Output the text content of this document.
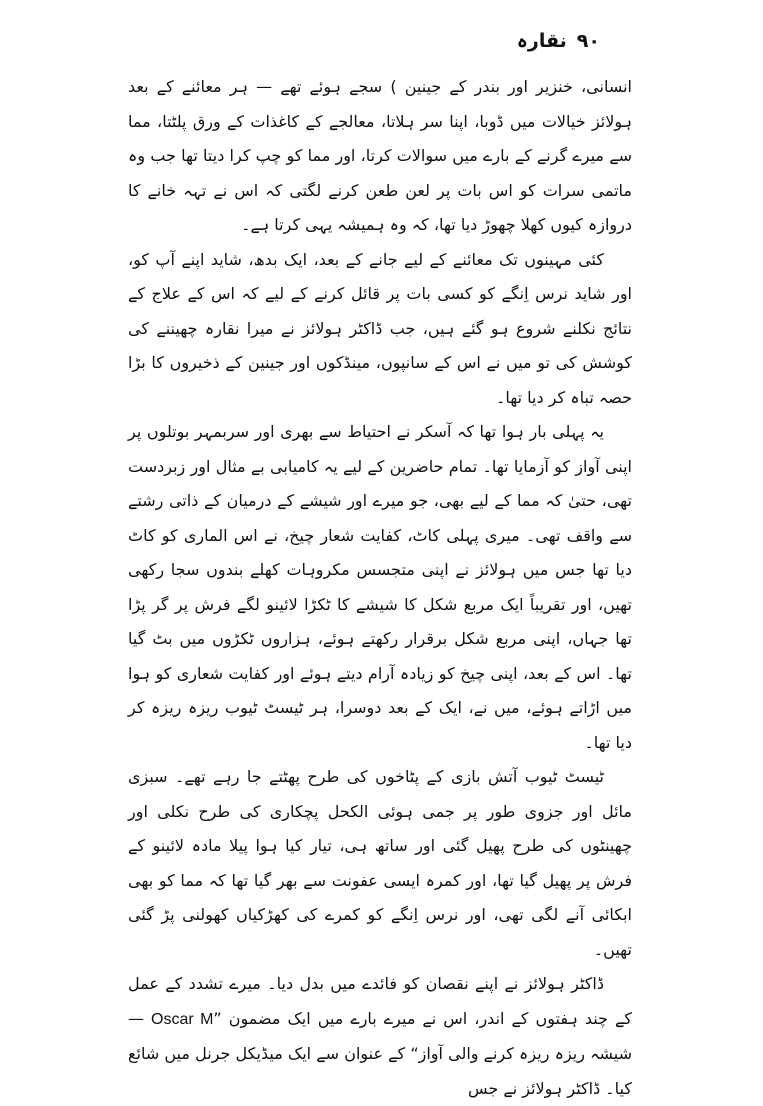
۹۰
نقارہ

انسانی، خنزیر اور بندر کے جینین ) سجے ہوئے تھے — ہر معائنے کے بعد ہولائز خیالات میں ڈوبا، اپنا سر ہلاتا، معالجے کے کاغذات کے ورق پلٹتا، مما سے میرے گرنے کے بارے میں سوالات کرتا، اور مما کو چپ کرا دیتا تھا جب وہ ماتمی سرات کو اس بات پر لعن طعن کرنے لگتی کہ اس نے تہہ خانے کا دروازہ کیوں کھلا چھوڑ دیا تھا، کہ وہ ہمیشہ یہی کرتا ہے۔

کئی مہینوں تک معائنے کے لیے جانے کے بعد، ایک بدھ، شاید اپنے آپ کو، اور شاید نرس اِنگے کو کسی بات پر قائل کرنے کے لیے کہ اس کے علاج کے نتائج نکلنے شروع ہو گئے ہیں، جب ڈاکٹر ہولائز نے میرا نقارہ چھیننے کی کوشش کی تو میں نے اس کے سانپوں، مینڈکوں اور جینین کے ذخیروں کا بڑا حصہ تباہ کر دیا تھا۔

یہ پہلی بار ہوا تھا کہ آسکر نے احتیاط سے بھری اور سربمہر بوتلوں پر اپنی آواز کو آزمایا تھا۔ تمام حاضرین کے لیے یہ کامیابی بے مثال اور زبردست تھی، حتیٰ کہ مما کے لیے بھی، جو میرے اور شیشے کے درمیان کے ذاتی رشتے سے واقف تھی۔ میری پہلی کاٹ، کفایت شعار چیخ، نے اس الماری کو کاٹ دیا تھا جس میں ہولائز نے اپنی متجسس مکروہات کھلے بندوں سجا رکھی تھیں، اور تقریباً ایک مربع شکل کا شیشے کا ٹکڑا لائینو لگے فرش پر گر پڑا تھا جہاں، اپنی مربع شکل برقرار رکھتے ہوئے، ہزاروں ٹکڑوں میں بٹ گیا تھا۔ اس کے بعد، اپنی چیخ کو زیادہ آرام دیتے ہوئے اور کفایت شعاری کو ہوا میں اڑاتے ہوئے، میں نے، ایک کے بعد دوسرا، ہر ٹیسٹ ٹیوب ریزہ ریزہ کر دیا تھا۔

ٹیسٹ ٹیوب آتش بازی کے پٹاخوں کی طرح پھٹتے جا رہے تھے۔ سبزی مائل اور جزوی طور پر جمی ہوئی الکحل پچکاری کی طرح نکلی اور چھینٹوں کی طرح پھیل گئی اور ساتھ ہی، تیار کیا ہوا پیلا مادہ لائینو کے فرش پر پھیل گیا تھا، اور کمرہ ایسی عفونت سے بھر گیا تھا کہ مما کو بھی ابکائی آنے لگی تھی، اور نرس اِنگے کو کمرے کی کھڑکیاں کھولنی پڑ گئی تھیں۔

ڈاکٹر ہولائز نے اپنے نقصان کو فائدے میں بدل دیا۔ میرے تشدد کے عمل کے چند ہفتوں کے اندر، اس نے میرے بارے میں ایک مضمون ”Oscar M — شیشہ ریزہ ریزہ کرنے والی آواز“ کے عنوان سے ایک میڈیکل جرنل میں شائع کیا۔ ڈاکٹر ہولائز نے جس
